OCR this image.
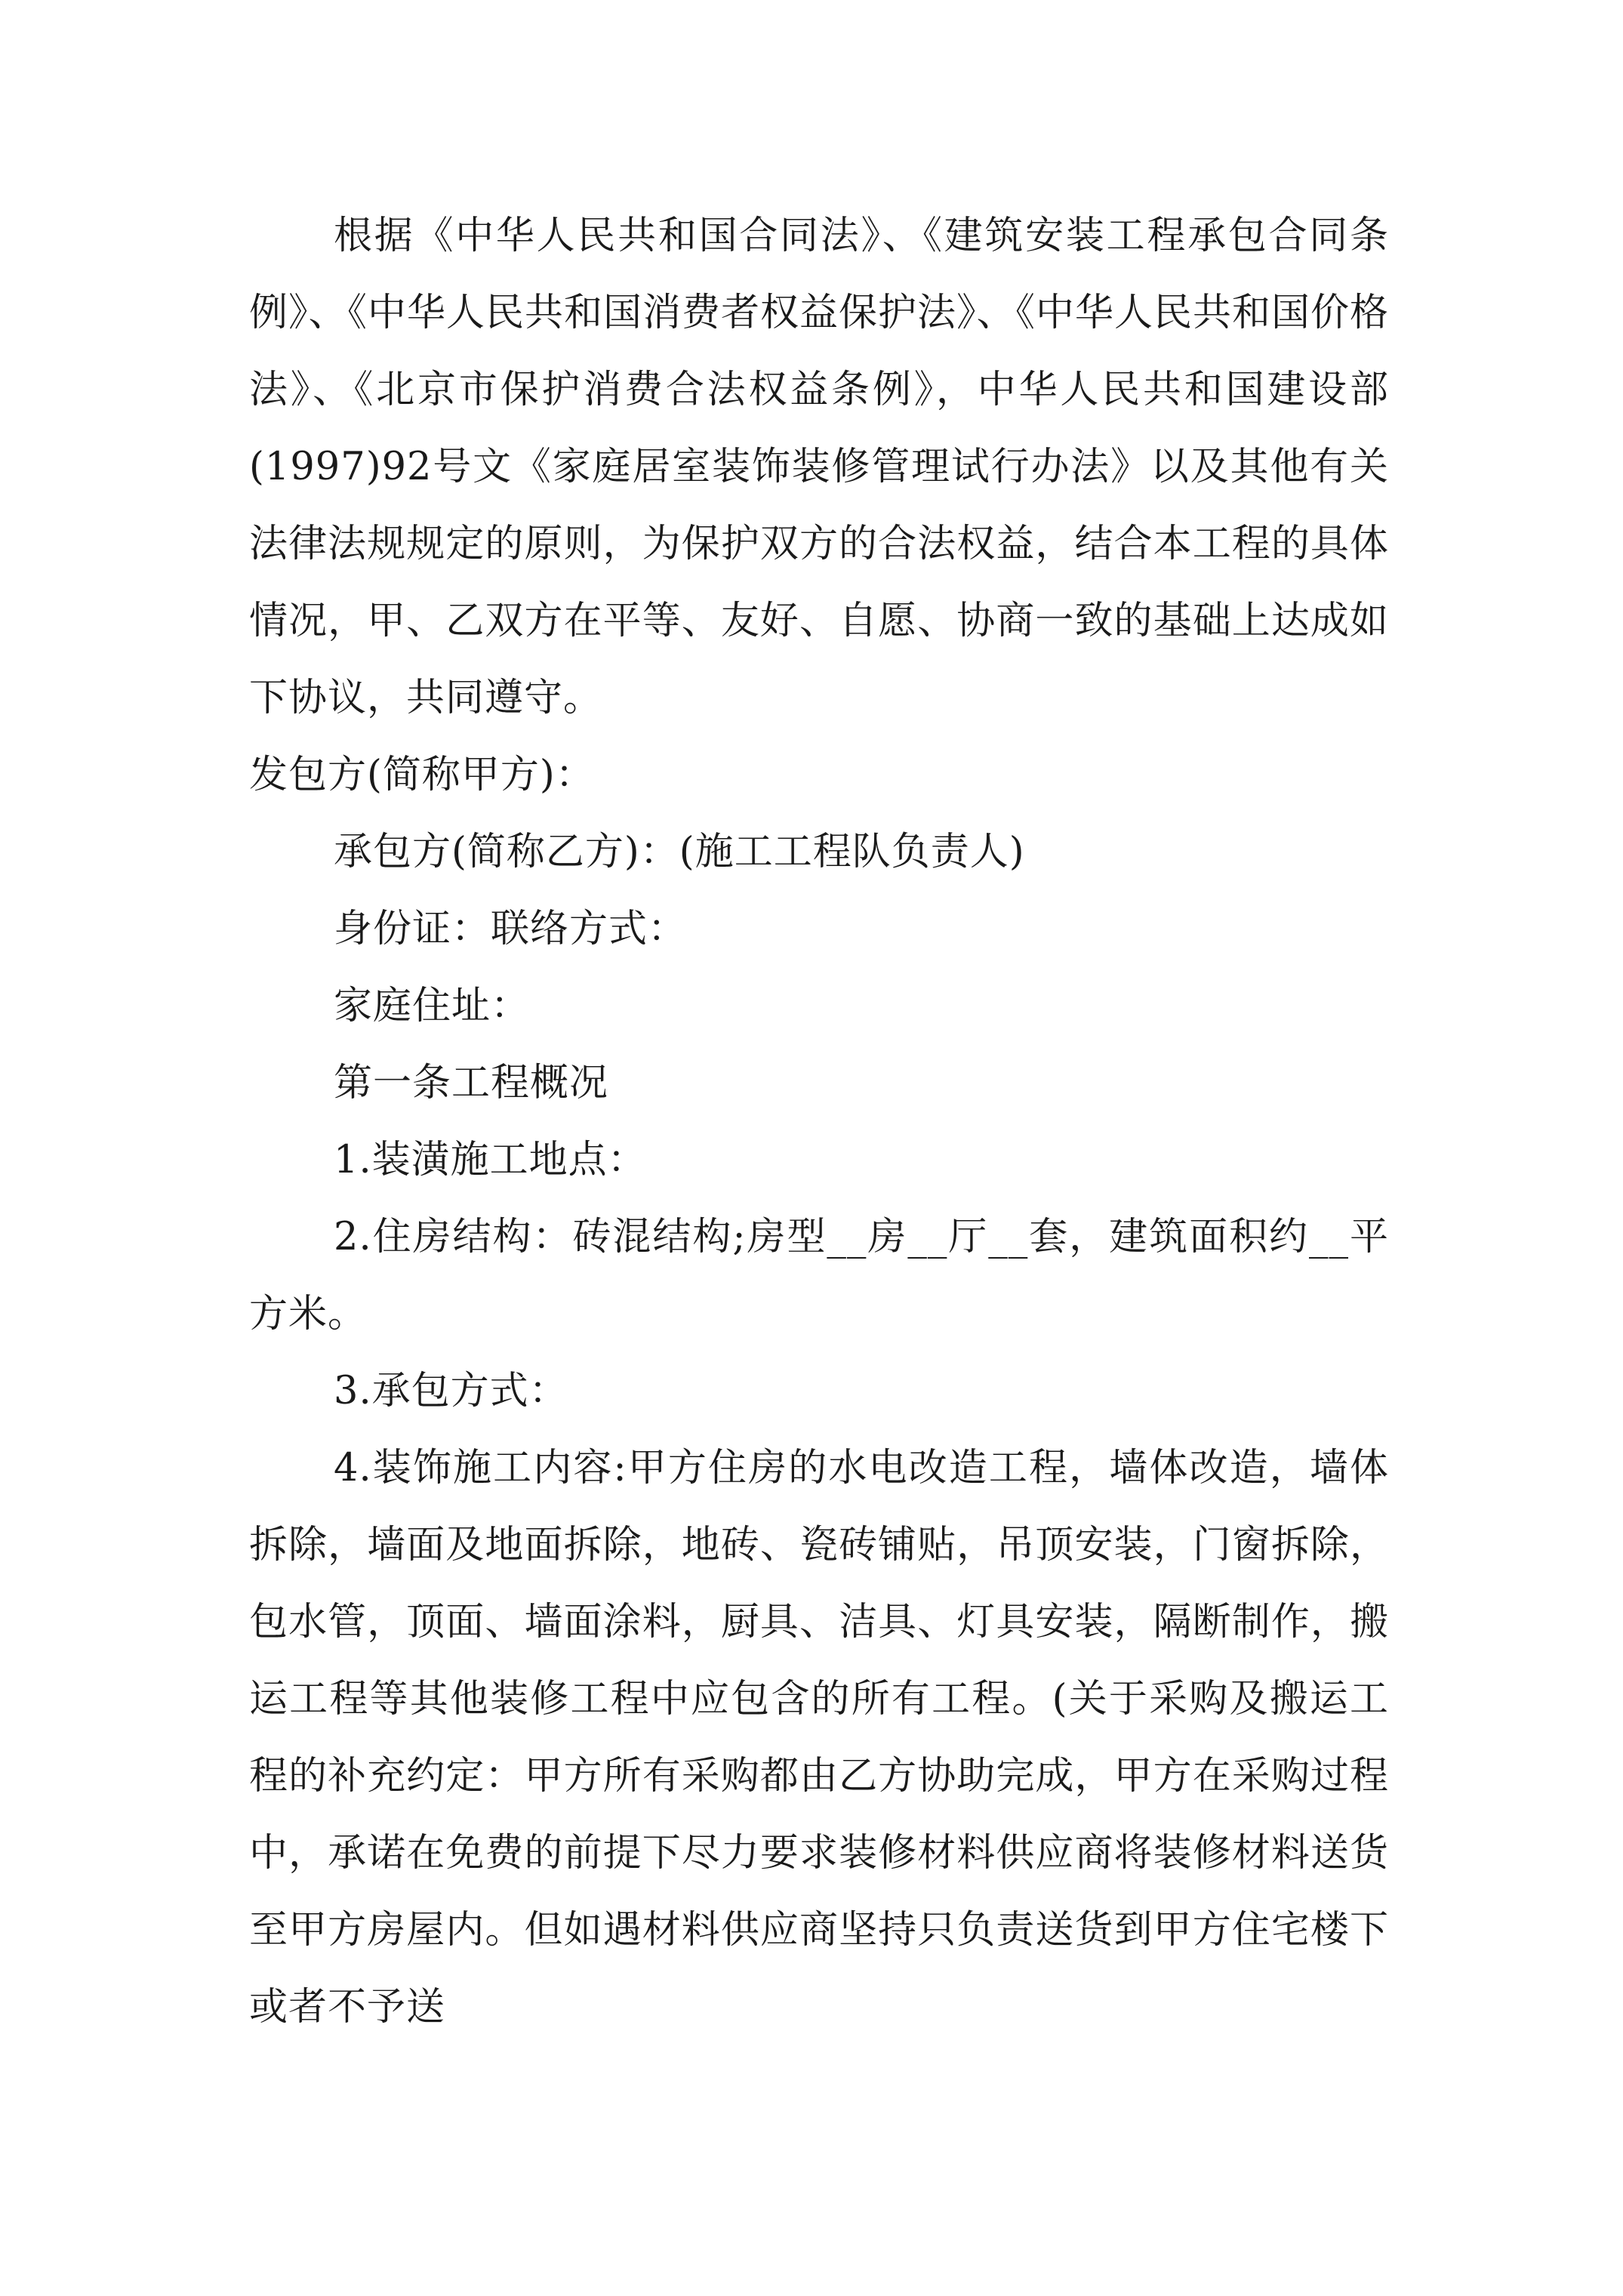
根据《中华人民共和国合同法》、《建筑安装工程承包合同条例》、《中华人民共和国消费者权益保护法》、《中华人民共和国价格法》、《北京市保护消费合法权益条例》，中华人民共和国建设部(1997)92号文《家庭居室装饰装修管理试行办法》以及其他有关法律法规规定的原则，为保护双方的合法权益，结合本工程的具体情况，甲、乙双方在平等、友好、自愿、协商一致的基础上达成如下协议，共同遵守。

发包方(简称甲方)：

承包方(简称乙方)：(施工工程队负责人)

身份证：联络方式：

家庭住址：

第一条工程概况

1.装潢施工地点：

2.住房结构：砖混结构;房型__房__厅__套，建筑面积约__平方米。

3.承包方式：

4.装饰施工内容:甲方住房的水电改造工程，墙体改造，墙体拆除，墙面及地面拆除，地砖、瓷砖铺贴，吊顶安装，门窗拆除，包水管，顶面、墙面涂料，厨具、洁具、灯具安装，隔断制作，搬运工程等其他装修工程中应包含的所有工程。(关于采购及搬运工程的补充约定：甲方所有采购都由乙方协助完成，甲方在采购过程中，承诺在免费的前提下尽力要求装修材料供应商将装修材料送货至甲方房屋内。但如遇材料供应商坚持只负责送货到甲方住宅楼下或者不予送
